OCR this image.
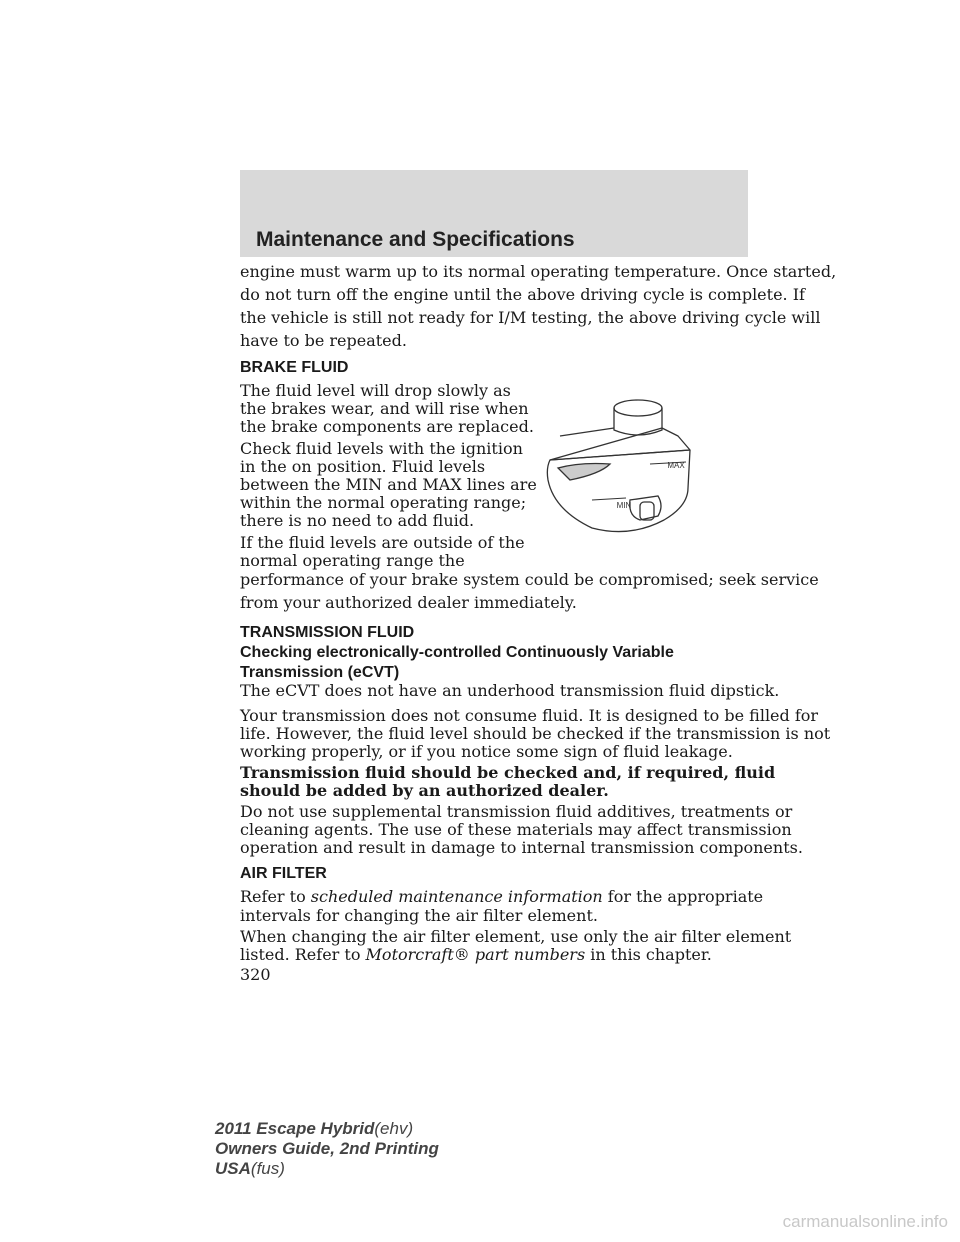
Maintenance and Specifications

engine must warm up to its normal operating temperature. Once started,

do not turn off the engine until the above driving cycle is complete. If

the vehicle is still not ready for I/M testing, the above driving cycle will

have to be repeated.

BRAKE FLUID

The fluid level will drop slowly as

the brakes wear, and will rise when

the brake components are replaced.

Check fluid levels with the ignition

in the on position. Fluid levels

between the MIN and MAX lines are

within the normal operating range;

there is no need to add fluid.

If the fluid levels are outside of the

normal operating range the

performance of your brake system could be compromised; seek service

from your authorized dealer immediately.

MAX
MIN

TRANSMISSION FLUID

Checking electronically-controlled Continuously Variable

Transmission (eCVT)

The eCVT does not have an underhood transmission fluid dipstick.

Your transmission does not consume fluid. It is designed to be filled for

life. However, the fluid level should be checked if the transmission is not

working properly, or if you notice some sign of fluid leakage.

Transmission fluid should be checked and, if required, fluid

should be added by an authorized dealer.

Do not use supplemental transmission fluid additives, treatments or

cleaning agents. The use of these materials may affect transmission

operation and result in damage to internal transmission components.

AIR FILTER

Refer to scheduled maintenance information for the appropriate

intervals for changing the air filter element.

When changing the air filter element, use only the air filter element

listed. Refer to Motorcraft® part numbers in this chapter.

320

2011 Escape Hybrid(ehv)
Owners Guide, 2nd Printing
USA(fus)
carmanualsonline.info
